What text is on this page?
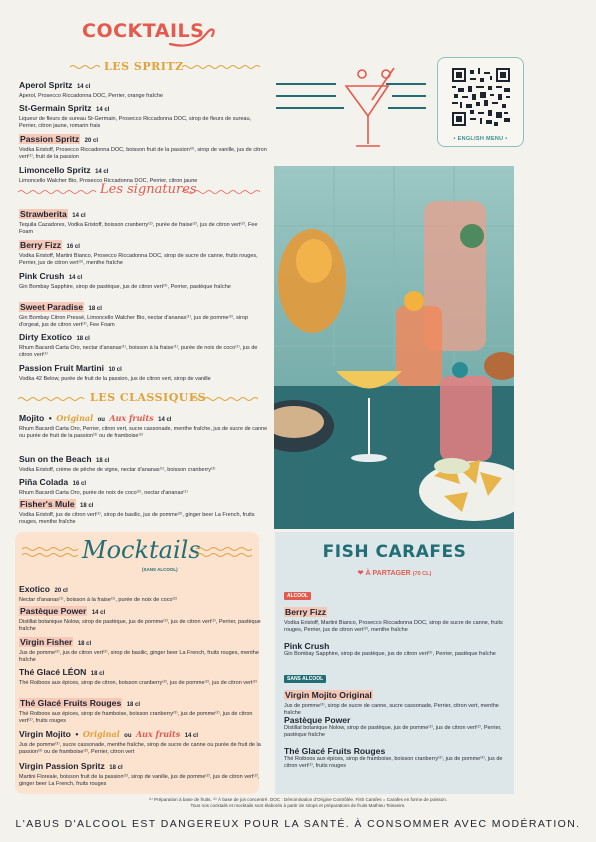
COCKTAILS
LES SPRITZ
Les signatures
LES CLASSIQUES
Aperol Spritz 14 cl
Aperol, Prosecco Riccadonna DOC, Perrier, orange fraîche
St-Germain Spritz 14 cl
Liqueur de fleurs de sureau St-Germain, Prosecco Riccadonna DOC, sirop de fleurs de sureau, Perrier, citron jaune, romarin frais
Passion Spritz 20 cl
Vodka Eristoff, Prosecco Riccadonna DOC, boisson fruit de la passion⁽²⁾, sirop de vanille, jus de citron vert⁽²⁾, fruit de la passion
Limoncello Spritz 14 cl
Limoncello Walcher Bio, Prosecco Riccadonna DOC, Perrier, citron jaune
Strawberita 14 cl
Tequila Cazadores, Vodka Eristoff, boisson cranberry⁽²⁾, purée de fraise⁽²⁾, jus de citron vert⁽²⁾, Fee Foam
Berry Fizz 16 cl
Vodka Eristoff, Martini Bianco, Prosecco Riccadonna DOC, sirop de sucre de canne, fruits rouges, Perrier, jus de citron vert⁽²⁾, menthe fraîche
Pink Crush 14 cl
Gin Bombay Sapphire, sirop de pastèque, jus de citron vert⁽²⁾, Perrier, pastèque fraîche
Sweet Paradise 18 cl
Gin Bombay Citron Pressé, Limoncello Walcher Bio, nectar d'ananas⁽¹⁾, jus de pomme⁽²⁾, sirop d'orgeat, jus de citron vert⁽²⁾, Fee Foam
Dirty Exotico 18 cl
Rhum Bacardi Carta Oro, nectar d'ananas⁽¹⁾, boisson à la fraise⁽¹⁾, purée de noix de coco⁽²⁾, jus de citron vert⁽²⁾
Passion Fruit Martini 10 cl
Vodka 42 Below, purée de fruit de la passion, jus de citron vert, sirop de vanille
Mojito • Original ou Aux fruits 14 cl
Rhum Bacardi Carta Oro, Perrier, citron vert, sucre cassonade, menthe fraîche, jus de sucre de canne ou purée de fruit de la passion⁽²⁾ ou de framboise⁽²⁾
Sun on the Beach 18 cl
Vodka Eristoff, crème de pêche de vigne, nectar d'ananas⁽¹⁾, boisson cranberry⁽²⁾
Piña Colada 16 cl
Rhum Bacardi Carta Oro, purée de noix de coco⁽²⁾, nectar d'ananas⁽¹⁾
Fisher's Mule 18 cl
Vodka Eristoff, jus de citron vert⁽²⁾, sirop de basilic, jus de pomme⁽²⁾, ginger beer La French, fruits rouges, menthe fraîche
• ENGLISH MENU •
Mocktails
(SANS ALCOOL)
Exotico 20 cl
Nectar d'ananas⁽¹⁾, boisson à la fraise⁽¹⁾, purée de noix de coco⁽²⁾
Pastèque Power 14 cl
Distillat botanique Nolow, sirop de pastèque, jus de pomme⁽²⁾, jus de citron vert⁽²⁾, Perrier, pastèque fraîche
Virgin Fisher 18 cl
Jus de pomme⁽²⁾, jus de citron vert⁽²⁾, sirop de basilic, ginger beer La French, fruits rouges, menthe fraîche
Thé Glacé LÉON 18 cl
Thé Roiboos aux épices, sirop de citron, boisson cranberry⁽²⁾, jus de pomme⁽²⁾, jus de citron vert⁽²⁾
Thé Glacé Fruits Rouges 18 cl
Thé Roiboos aux épices, sirop de framboise, boisson cranberry⁽²⁾, jus de pomme⁽²⁾, jus de citron vert⁽²⁾, fruits rouges
Virgin Mojito • Original ou Aux fruits 14 cl
Jus de pomme⁽²⁾, sucre cassonade, menthe fraîche, sirop de sucre de canne ou purée de fruit de la passion⁽²⁾ ou de framboise⁽²⁾, Perrier, citron vert
Virgin Passion Spritz 18 cl
Martini Floreale, boisson fruit de la passion⁽²⁾, sirop de vanille, jus de pomme⁽²⁾, jus de citron vert⁽²⁾, ginger beer La French, fruits rouges
FISH CARAFES
❤ À PARTAGER (70 CL)
ALCOOL
Berry Fizz
Vodka Eristoff, Martini Bianco, Prosecco Riccadonna DOC, sirop de sucre de canne, fruits rouges, Perrier, jus de citron vert⁽²⁾, menthe fraîche
Pink Crush
Gin Bombay Sapphire, sirop de pastèque, jus de citron vert⁽²⁾, Perrier, pastèque fraîche
SANS ALCOOL
Virgin Mojito Original
Jus de pomme⁽²⁾, sirop de sucre de canne, sucre cassonade, Perrier, citron vert, menthe fraîche
Pastèque Power
Distillat botanique Nolow, sirop de pastèque, jus de pomme⁽²⁾, jus de citron vert⁽²⁾, Perrier, pastèque fraîche
Thé Glacé Fruits Rouges
Thé Roiboos aux épices, sirop de framboise, boisson cranberry⁽²⁾, jus de pomme⁽²⁾, jus de citron vert⁽²⁾, fruits rouges
⁽¹⁾ Préparation à base de fruits. ⁽²⁾ À base de jus concentré. DOC : Dénomination d'Origine Contrôlée. Fish Carafes = Carafes en forme de poisson.
Tous nos cocktails et mocktails sont élaborés à partir de sirops et préparations de fruits Mathieu Teisseire.
L'ABUS D'ALCOOL EST DANGEREUX POUR LA SANTÉ. À CONSOMMER AVEC MODÉRATION.
